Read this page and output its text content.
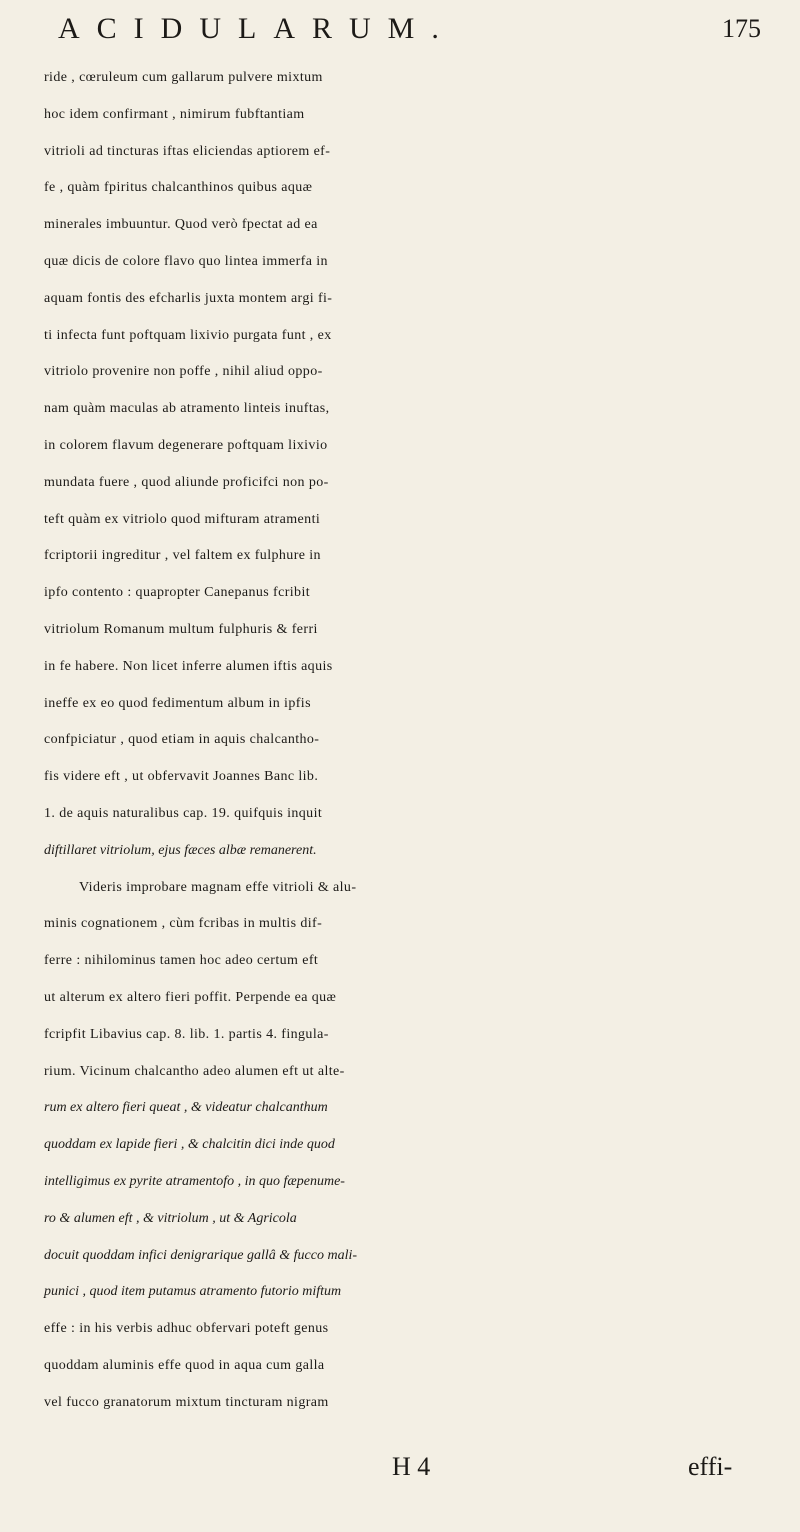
ACIDULARUM.	175
ride , cœruleum cum gallarum pulvere mixtum
hoc idem confirmant , nimirum fubftantiam
vitrioli ad tincturas iftas eliciendas aptiorem ef-
fe , quàm fpiritus chalcanthinos quibus aquæ
minerales imbuuntur. Quod verò fpectat ad ea
quæ dicis de colore flavo quo lintea immerfa in
aquam fontis des efcharlis juxta montem argi fi-
ti infecta funt poftquam lixivio purgata funt , ex
vitriolo provenire non poffe , nihil aliud oppo-
nam quàm maculas ab atramento linteis inuftas,
in colorem flavum degenerare poftquam lixivio
mundata fuere , quod aliunde proficifci non po-
teft quàm ex vitriolo quod mifturam atramenti
fcriptorii ingreditur , vel faltem ex fulphure in
ipfo contento : quapropter Canepanus fcribit
vitriolum Romanum multum fulphuris & ferri
in fe habere. Non licet inferre alumen iftis aquis
ineffe ex eo quod fedimentum album in ipfis
confpiciatur , quod etiam in aquis chalcantho-
fis videre eft , ut obfervavit Joannes Banc lib.
1. de aquis naturalibus cap. 19. quifquis inquit
diftillaret vitriolum, ejus fæces albæ remanerent.
Videris improbare magnam effe vitrioli & alu-
minis cognationem , cùm fcribas in multis dif-
ferre : nihilominus tamen hoc adeo certum eft
ut alterum ex altero fieri poffit. Perpende ea quæ
fcripfit Libavius cap. 8. lib. 1. partis 4. fingula-
rium. Vicinum chalcantho adeo alumen eft ut alte-
rum ex altero fieri queat , & videatur chalcanthum
quoddam ex lapide fieri , & chalcitin dici inde quod
intelligimus ex pyrite atramentofo , in quo fæpenume-
ro & alumen eft , & vitriolum , ut & Agricola
docuit quoddam infici denigrarique gallâ & fucco mali-
punici , quod item putamus atramento futorio miftum
effe : in his verbis adhuc obfervari poteft genus
quoddam aluminis effe quod in aqua cum galla
vel fucco granatorum mixtum tincturam nigram
H 4	effi-
